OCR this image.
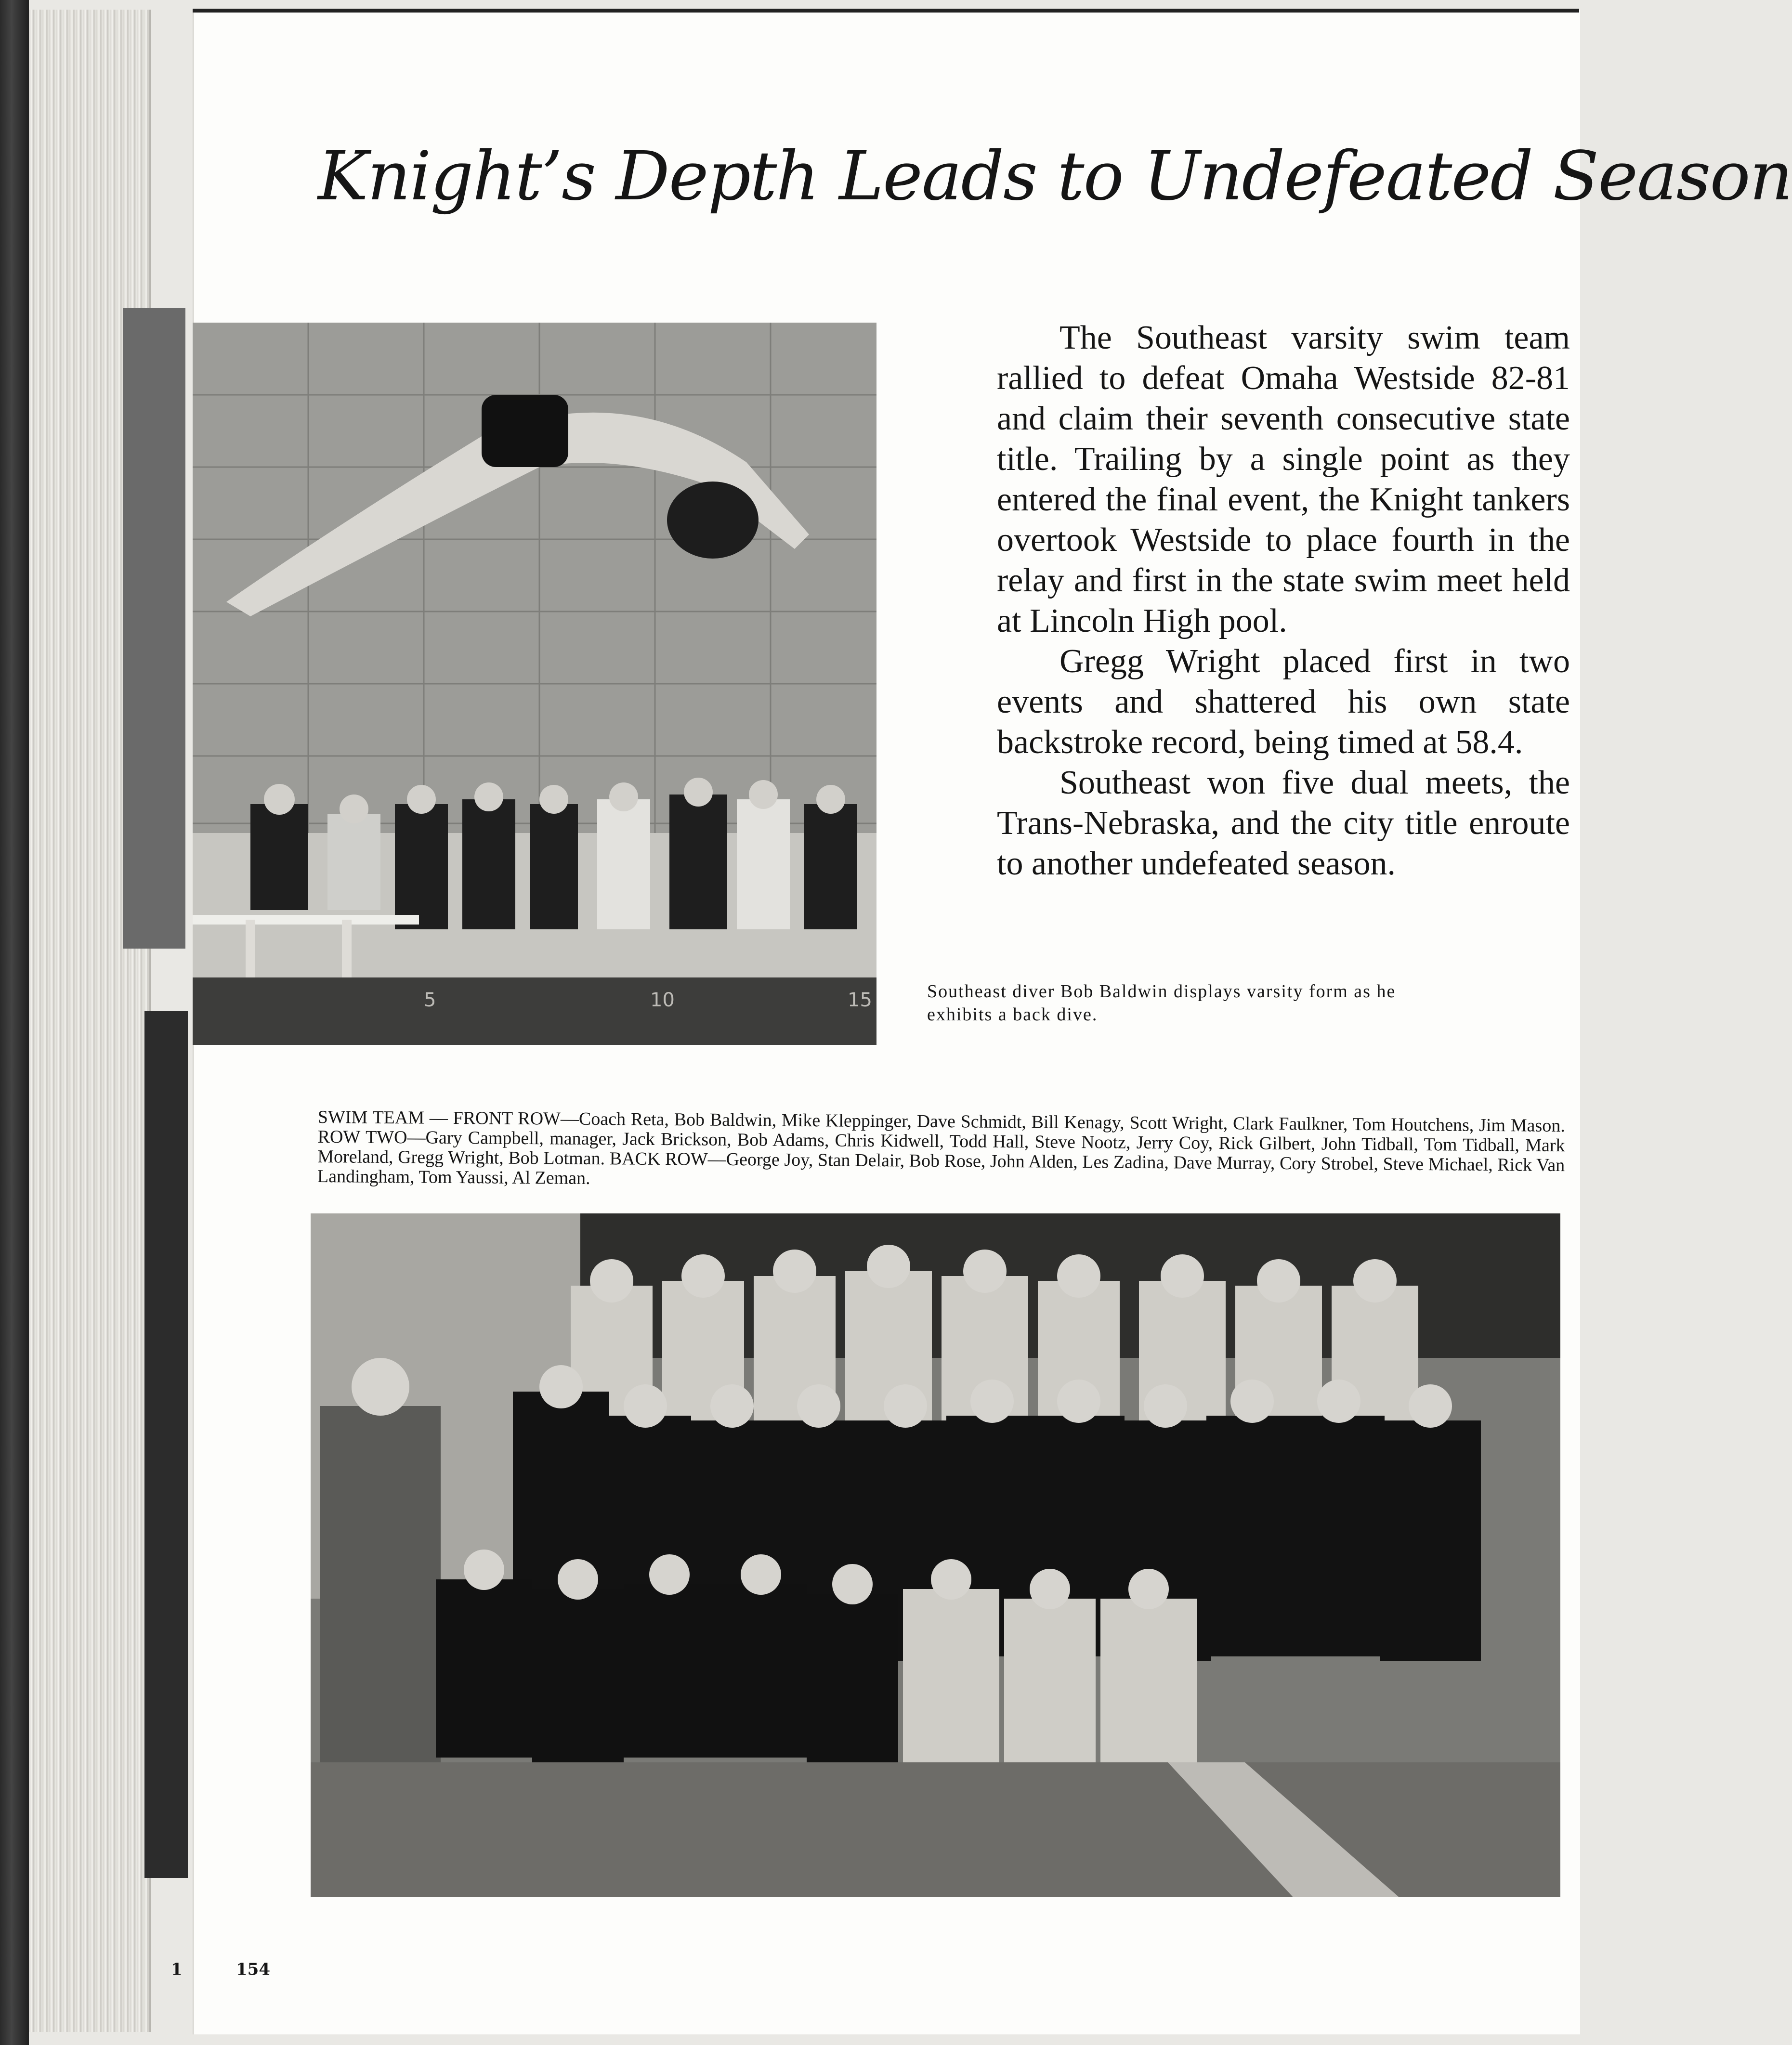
1
Knight’s Depth Leads to Undefeated Season
5	10	15

The Southeast varsity swim team rallied to defeat Omaha Westside 82-81 and claim their seventh consecutive state title. Trailing by a single point as they entered the final event, the Knight tankers overtook Westside to place fourth in the relay and first in the state swim meet held at Lincoln High pool.

Gregg Wright placed first in two events and shattered his own state backstroke record, being timed at 58.4.

Southeast won five dual meets, the Trans-Nebraska, and the city title enroute to another undefeated season.

Southeast diver Bob Baldwin displays varsity form as he exhibits a back dive.
SWIM TEAM — FRONT ROW—Coach Reta, Bob Baldwin, Mike Kleppinger, Dave Schmidt, Bill Kenagy, Scott Wright, Clark Faulkner, Tom Houtchens, Jim Mason. ROW TWO—Gary Campbell, manager, Jack Brickson, Bob Adams, Chris Kidwell, Todd Hall, Steve Nootz, Jerry Coy, Rick Gilbert, John Tidball, Tom Tidball, Mark Moreland, Gregg Wright, Bob Lotman. BACK ROW—George Joy, Stan Delair, Bob Rose, John Alden, Les Zadina, Dave Murray, Cory Strobel, Steve Michael, Rick Van Landingham, Tom Yaussi, Al Zeman.
154
